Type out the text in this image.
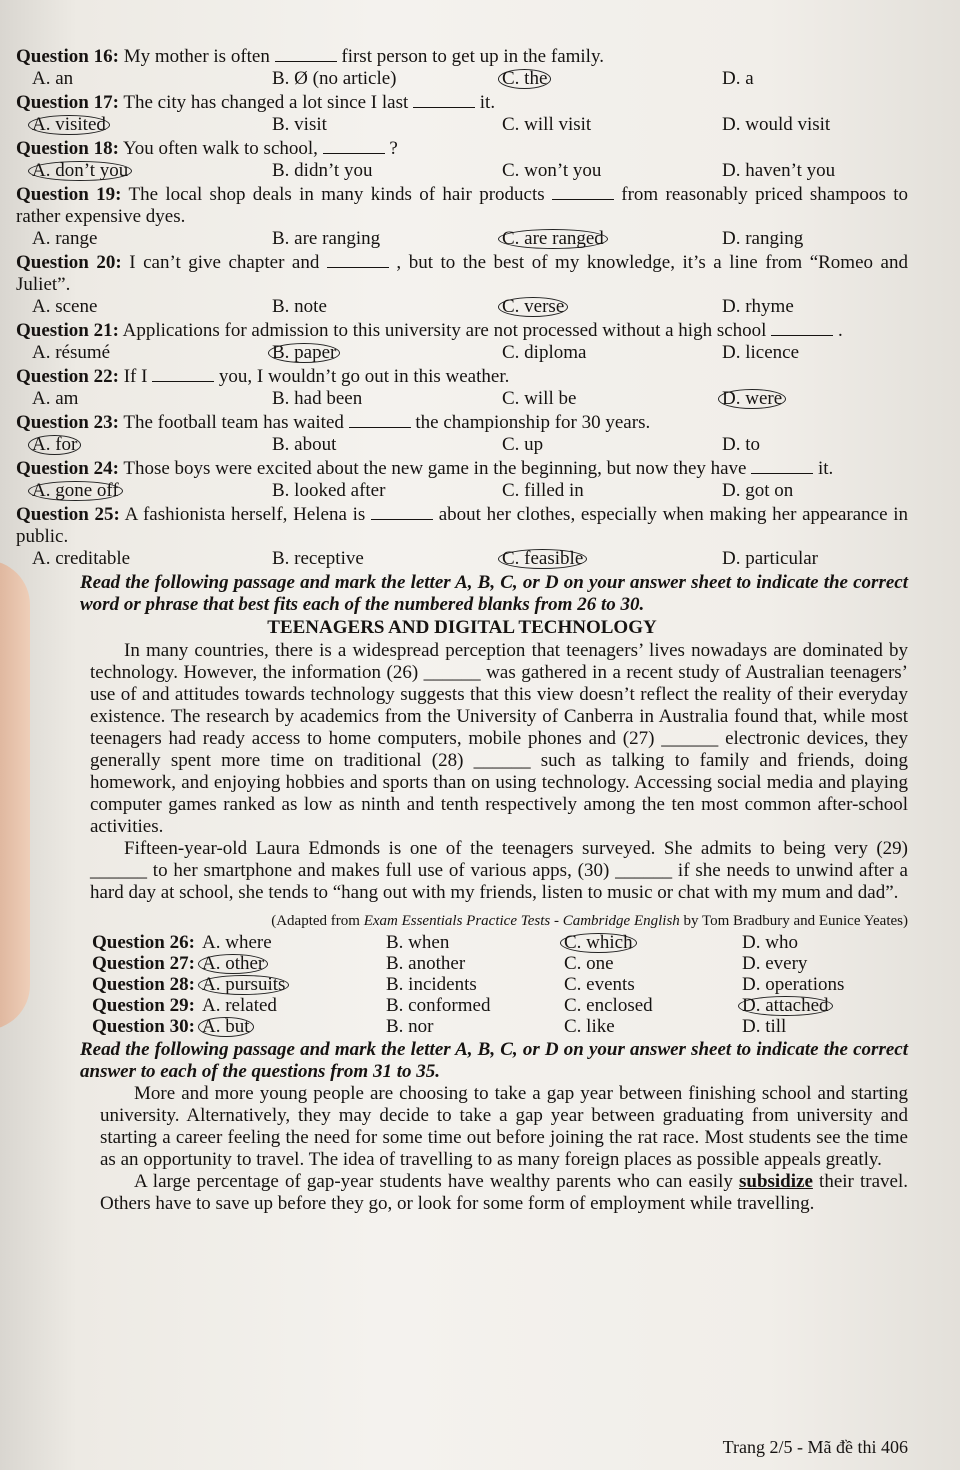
Question 16: My mother is often	first person to get up in the family.
A. an	B. Ø (no article)	C. the	D. a
Question 17: The city has changed a lot since I last	it.
A. visited	B. visit	C. will visit	D. would visit
Question 18: You often walk to school,	?
A. don’t you	B. didn’t you	C. won’t you	D. haven’t you
Question 19: The local shop deals in many kinds of hair products	from reasonably priced shampoos to rather expensive dyes.
A. range	B. are ranging	C. are ranged	D. ranging
Question 20: I can’t give chapter and	, but to the best of my knowledge, it’s a line from “Romeo and Juliet”.
A. scene	B. note	C. verse	D. rhyme
Question 21: Applications for admission to this university are not processed without a high school	.
A. résumé	B. paper	C. diploma	D. licence
Question 22: If I	you, I wouldn’t go out in this weather.
A. am	B. had been	C. will be	D. were
Question 23: The football team has waited	the championship for 30 years.
A. for	B. about	C. up	D. to
Question 24: Those boys were excited about the new game in the beginning, but now they have	it.
A. gone off	B. looked after	C. filled in	D. got on
Question 25: A fashionista herself, Helena is	about her clothes, especially when making her appearance in public.
A. creditable	B. receptive	C. feasible	D. particular

Read the following passage and mark the letter A, B, C, or D on your answer sheet to indicate the correct word or phrase that best fits each of the numbered blanks from 26 to 30.

TEENAGERS AND DIGITAL TECHNOLOGY

In many countries, there is a widespread perception that teenagers’ lives nowadays are dominated by technology. However, the information (26) ______ was gathered in a recent study of Australian teenagers’ use of and attitudes towards technology suggests that this view doesn’t reflect the reality of their everyday existence. The research by academics from the University of Canberra in Australia found that, while most teenagers had ready access to home computers, mobile phones and (27) ______ electronic devices, they generally spent more time on traditional (28) ______ such as talking to family and friends, doing homework, and enjoying hobbies and sports than on using technology. Accessing social media and playing computer games ranked as low as ninth and tenth respectively among the ten most common after-school activities.

Fifteen-year-old Laura Edmonds is one of the teenagers surveyed. She admits to being very (29) ______ to her smartphone and makes full use of various apps, (30) ______ if she needs to unwind after a hard day at school, she tends to “hang out with my friends, listen to music or chat with my mum and dad”.

(Adapted from Exam Essentials Practice Tests - Cambridge English by Tom Bradbury and Eunice Yeates)

Question 26: A. where	B. when	C. which	D. who
Question 27: A. other	B. another	C. one	D. every
Question 28: A. pursuits	B. incidents	C. events	D. operations
Question 29: A. related	B. conformed	C. enclosed	D. attached
Question 30: A. but	B. nor	C. like	D. till

Read the following passage and mark the letter A, B, C, or D on your answer sheet to indicate the correct answer to each of the questions from 31 to 35.

More and more young people are choosing to take a gap year between finishing school and starting university. Alternatively, they may decide to take a gap year between graduating from university and starting a career feeling the need for some time out before joining the rat race. Most students see the time as an opportunity to travel. The idea of travelling to as many foreign places as possible appeals greatly.

A large percentage of gap-year students have wealthy parents who can easily subsidize their travel. Others have to save up before they go, or look for some form of employment while travelling.

Trang 2/5 - Mã đề thi 406
